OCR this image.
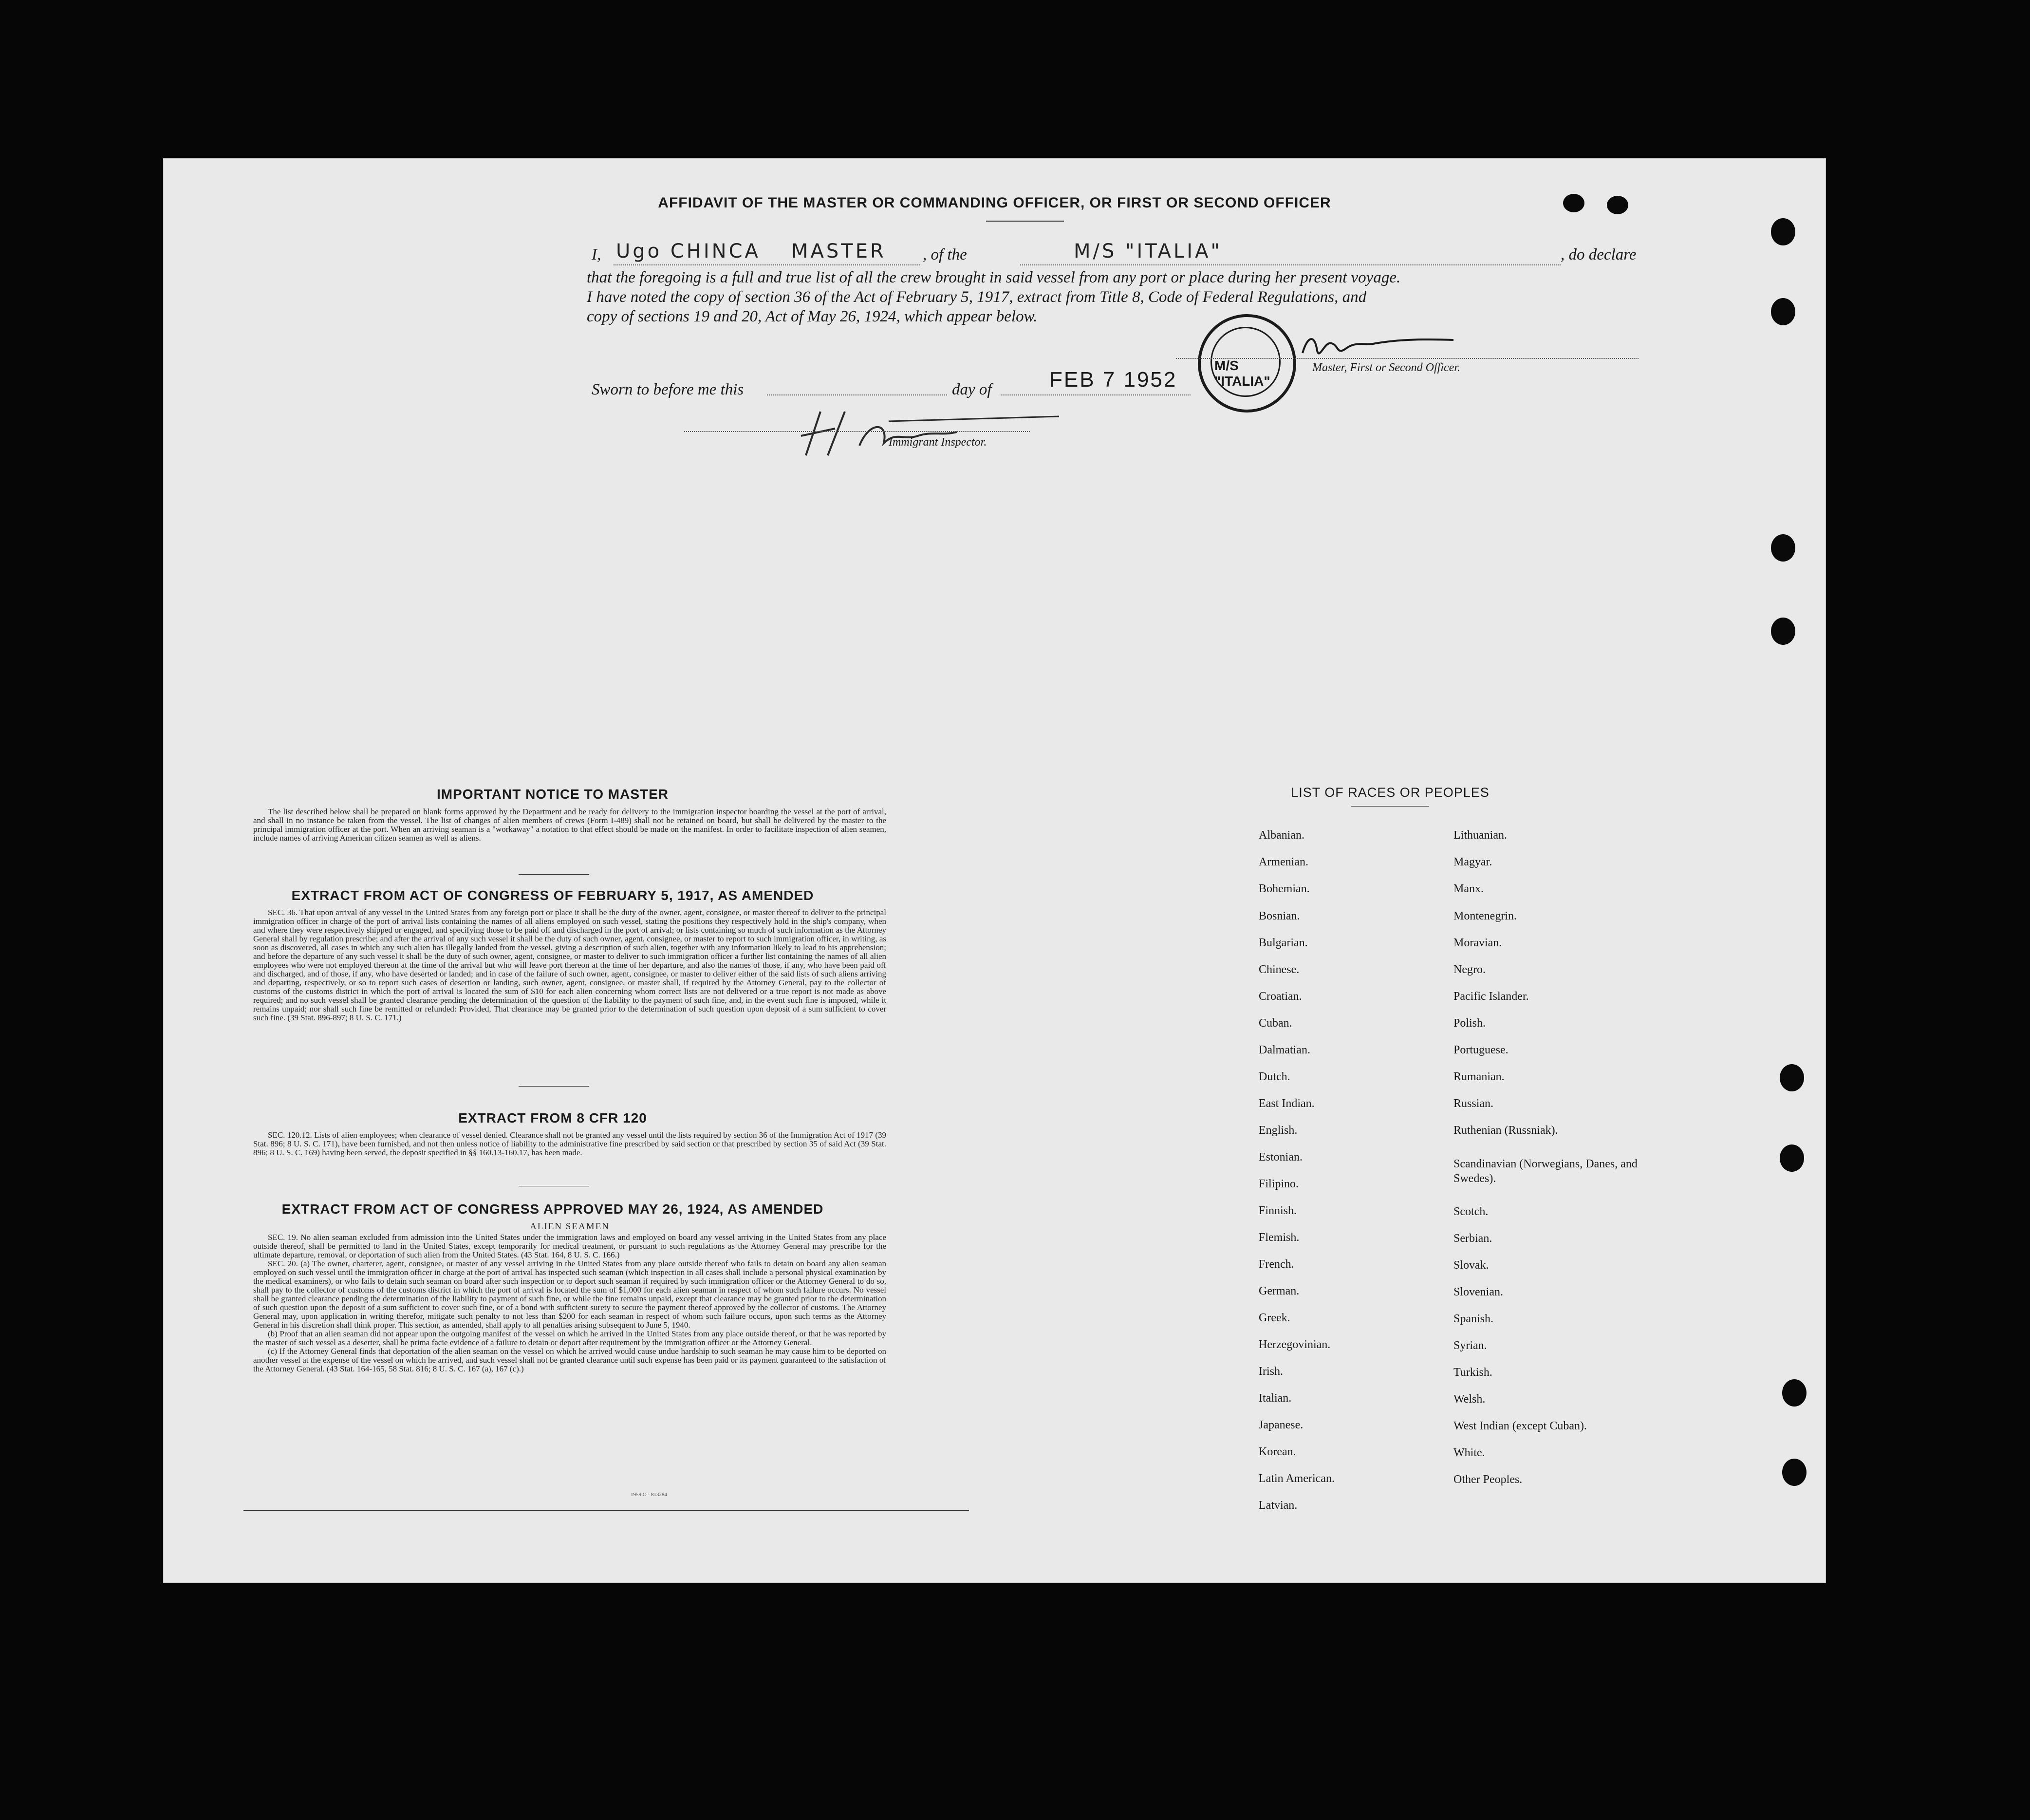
AFFIDAVIT OF THE MASTER OR COMMANDING OFFICER, OR FIRST OR SECOND OFFICER
I, Ugo CHINCA MASTER , of the	M/S "ITALIA"	, do declare
that the foregoing is a full and true list of all the crew brought in said vessel from any port or place during her present voyage.
I have noted the copy of section 36 of the Act of February 5, 1917, extract from Title 8, Code of Federal Regulations, and
copy of sections 19 and 20, Act of May 26, 1924, which appear below.
M/S "ITALIA"
Master, First or Second Officer.
Sworn to before me this	day of	FEB 7 1952
Immigrant Inspector.
IMPORTANT NOTICE TO MASTER

The list described below shall be prepared on blank forms approved by the Department and be ready for delivery to the immigration inspector boarding the vessel at the port of arrival, and shall in no instance be taken from the vessel. The list of changes of alien members of crews (Form I-489) shall not be retained on board, but shall be delivered by the master to the principal immigration officer at the port. When an arriving seaman is a "workaway" a notation to that effect should be made on the manifest. In order to facilitate inspection of alien seamen, include names of arriving American citizen seamen as well as aliens.

EXTRACT FROM ACT OF CONGRESS OF FEBRUARY 5, 1917, AS AMENDED

SEC. 36. That upon arrival of any vessel in the United States from any foreign port or place it shall be the duty of the owner, agent, consignee, or master thereof to deliver to the principal immigration officer in charge of the port of arrival lists containing the names of all aliens employed on such vessel, stating the positions they respectively hold in the ship's company, when and where they were respectively shipped or engaged, and specifying those to be paid off and discharged in the port of arrival; or lists containing so much of such information as the Attorney General shall by regulation prescribe; and after the arrival of any such vessel it shall be the duty of such owner, agent, consignee, or master to report to such immigration officer, in writing, as soon as discovered, all cases in which any such alien has illegally landed from the vessel, giving a description of such alien, together with any information likely to lead to his apprehension; and before the departure of any such vessel it shall be the duty of such owner, agent, consignee, or master to deliver to such immigration officer a further list containing the names of all alien employees who were not employed thereon at the time of the arrival but who will leave port thereon at the time of her departure, and also the names of those, if any, who have been paid off and discharged, and of those, if any, who have deserted or landed; and in case of the failure of such owner, agent, consignee, or master to deliver either of the said lists of such aliens arriving and departing, respectively, or so to report such cases of desertion or landing, such owner, agent, consignee, or master shall, if required by the Attorney General, pay to the collector of customs of the customs district in which the port of arrival is located the sum of $10 for each alien concerning whom correct lists are not delivered or a true report is not made as above required; and no such vessel shall be granted clearance pending the determination of the question of the liability to the payment of such fine, and, in the event such fine is imposed, while it remains unpaid; nor shall such fine be remitted or refunded: Provided, That clearance may be granted prior to the determination of such question upon deposit of a sum sufficient to cover such fine. (39 Stat. 896-897; 8 U. S. C. 171.)

EXTRACT FROM 8 CFR 120

SEC. 120.12. Lists of alien employees; when clearance of vessel denied. Clearance shall not be granted any vessel until the lists required by section 36 of the Immigration Act of 1917 (39 Stat. 896; 8 U. S. C. 171), have been furnished, and not then unless notice of liability to the administrative fine prescribed by said section or that prescribed by section 35 of said Act (39 Stat. 896; 8 U. S. C. 169) having been served, the deposit specified in §§ 160.13-160.17, has been made.

EXTRACT FROM ACT OF CONGRESS APPROVED MAY 26, 1924, AS AMENDED

ALIEN SEAMEN

SEC. 19. No alien seaman excluded from admission into the United States under the immigration laws and employed on board any vessel arriving in the United States from any place outside thereof, shall be permitted to land in the United States, except temporarily for medical treatment, or pursuant to such regulations as the Attorney General may prescribe for the ultimate departure, removal, or deportation of such alien from the United States. (43 Stat. 164, 8 U. S. C. 166.)

SEC. 20. (a) The owner, charterer, agent, consignee, or master of any vessel arriving in the United States from any place outside thereof who fails to detain on board any alien seaman employed on such vessel until the immigration officer in charge at the port of arrival has inspected such seaman (which inspection in all cases shall include a personal physical examination by the medical examiners), or who fails to detain such seaman on board after such inspection or to deport such seaman if required by such immigration officer or the Attorney General to do so, shall pay to the collector of customs of the customs district in which the port of arrival is located the sum of $1,000 for each alien seaman in respect of whom such failure occurs. No vessel shall be granted clearance pending the determination of the liability to payment of such fine, or while the fine remains unpaid, except that clearance may be granted prior to the determination of such question upon the deposit of a sum sufficient to cover such fine, or of a bond with sufficient surety to secure the payment thereof approved by the collector of customs. The Attorney General may, upon application in writing therefor, mitigate such penalty to not less than $200 for each seaman in respect of whom such failure occurs, upon such terms as the Attorney General in his discretion shall think proper. This section, as amended, shall apply to all penalties arising subsequent to June 5, 1940.

(b) Proof that an alien seaman did not appear upon the outgoing manifest of the vessel on which he arrived in the United States from any place outside thereof, or that he was reported by the master of such vessel as a deserter, shall be prima facie evidence of a failure to detain or deport after requirement by the immigration officer or the Attorney General.

(c) If the Attorney General finds that deportation of the alien seaman on the vessel on which he arrived would cause undue hardship to such seaman he may cause him to be deported on another vessel at the expense of the vessel on which he arrived, and such vessel shall not be granted clearance until such expense has been paid or its payment guaranteed to the satisfaction of the Attorney General. (43 Stat. 164-165, 58 Stat. 816; 8 U. S. C. 167 (a), 167 (c).)

1959 O - 813284
LIST OF RACES OR PEOPLES
Albanian.
Armenian.
Bohemian.
Bosnian.
Bulgarian.
Chinese.
Croatian.
Cuban.
Dalmatian.
Dutch.
East Indian.
English.
Estonian.
Filipino.
Finnish.
Flemish.
French.
German.
Greek.
Herzegovinian.
Irish.
Italian.
Japanese.
Korean.
Latin American.
Latvian.
Lithuanian.
Magyar.
Manx.
Montenegrin.
Moravian.
Negro.
Pacific Islander.
Polish.
Portuguese.
Rumanian.
Russian.
Ruthenian (Russniak).
Scandinavian (Norwegians, Danes, and Swedes).
Scotch.
Serbian.
Slovak.
Slovenian.
Spanish.
Syrian.
Turkish.
Welsh.
West Indian (except Cuban).
White.
Other Peoples.
